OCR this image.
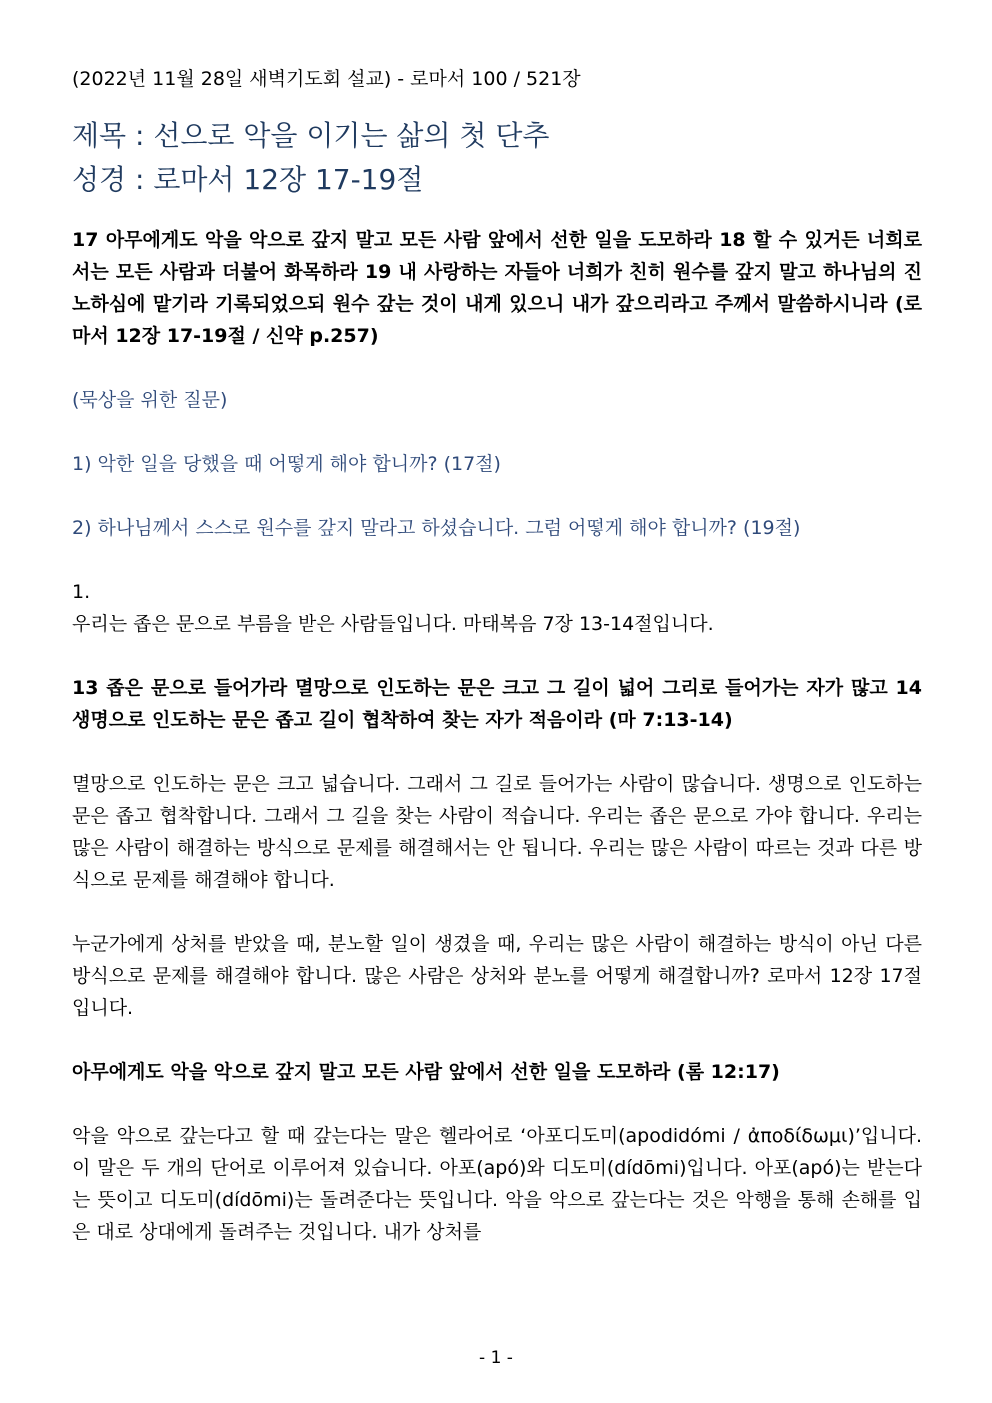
(2022년 11월 28일 새벽기도회 설교) - 로마서 100 / 521장
제목 : 선으로 악을 이기는 삶의 첫 단추
성경 : 로마서 12장 17-19절
17 아무에게도 악을 악으로 갚지 말고 모든 사람 앞에서 선한 일을 도모하라 18 할 수 있거든 너희로서는 모든 사람과 더불어 화목하라 19 내 사랑하는 자들아 너희가 친히 원수를 갚지 말고 하나님의 진노하심에 맡기라 기록되었으되 원수 갚는 것이 내게 있으니 내가 갚으리라고 주께서 말씀하시니라 (로마서 12장 17-19절 / 신약 p.257)
(묵상을 위한 질문)
1) 악한 일을 당했을 때 어떻게 해야 합니까? (17절)
2) 하나님께서 스스로 원수를 갚지 말라고 하셨습니다. 그럼 어떻게 해야 합니까? (19절)
1.
우리는 좁은 문으로 부름을 받은 사람들입니다. 마태복음 7장 13-14절입니다.
13 좁은 문으로 들어가라 멸망으로 인도하는 문은 크고 그 길이 넓어 그리로 들어가는 자가 많고 14 생명으로 인도하는 문은 좁고 길이 협착하여 찾는 자가 적음이라 (마 7:13-14)
멸망으로 인도하는 문은 크고 넓습니다. 그래서 그 길로 들어가는 사람이 많습니다. 생명으로 인도하는 문은 좁고 협착합니다. 그래서 그 길을 찾는 사람이 적습니다. 우리는 좁은 문으로 가야 합니다. 우리는 많은 사람이 해결하는 방식으로 문제를 해결해서는 안 됩니다. 우리는 많은 사람이 따르는 것과 다른 방식으로 문제를 해결해야 합니다.
누군가에게 상처를 받았을 때, 분노할 일이 생겼을 때, 우리는 많은 사람이 해결하는 방식이 아닌 다른 방식으로 문제를 해결해야 합니다. 많은 사람은 상처와 분노를 어떻게 해결합니까? 로마서 12장 17절입니다.
아무에게도 악을 악으로 갚지 말고 모든 사람 앞에서 선한 일을 도모하라 (롬 12:17)
악을 악으로 갚는다고 할 때 갚는다는 말은 헬라어로 ‘아포디도미(apodidómi / ἀποδίδωμι)’입니다. 이 말은 두 개의 단어로 이루어져 있습니다. 아포(apó)와 디도미(dídōmi)입니다. 아포(apó)는 받는다는 뜻이고 디도미(dídōmi)는 돌려준다는 뜻입니다. 악을 악으로 갚는다는 것은 악행을 통해 손해를 입은 대로 상대에게 돌려주는 것입니다. 내가 상처를
- 1 -
